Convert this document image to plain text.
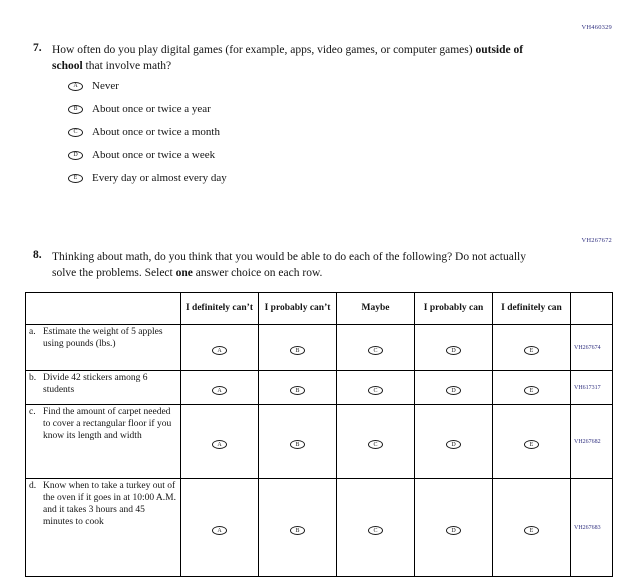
VH460329
7. How often do you play digital games (for example, apps, video games, or computer games) outside of school that involve math?
A	Never
B	About once or twice a year
C	About once or twice a month
D	About once or twice a week
E	Every day or almost every day
VH267672
8. Thinking about math, do you think that you would be able to do each of the following? Do not actually solve the problems. Select one answer choice on each row.
	I definitely can’t	I probably can’t	Maybe	I probably can	I definitely can	

a. Estimate the weight of 5 apples using pounds (lbs.)	A	B	C	D	E	VH267674

b. Divide 42 stickers among 6 students	A	B	C	D	E	VH617317

c. Find the amount of carpet needed to cover a rectangular floor if you know its length and width	A	B	C	D	E	VH267682

d. Know when to take a turkey out of the oven if it goes in at 10:00 A.M. and it takes 3 hours and 45 minutes to cook	A	B	C	D	E	VH267683
